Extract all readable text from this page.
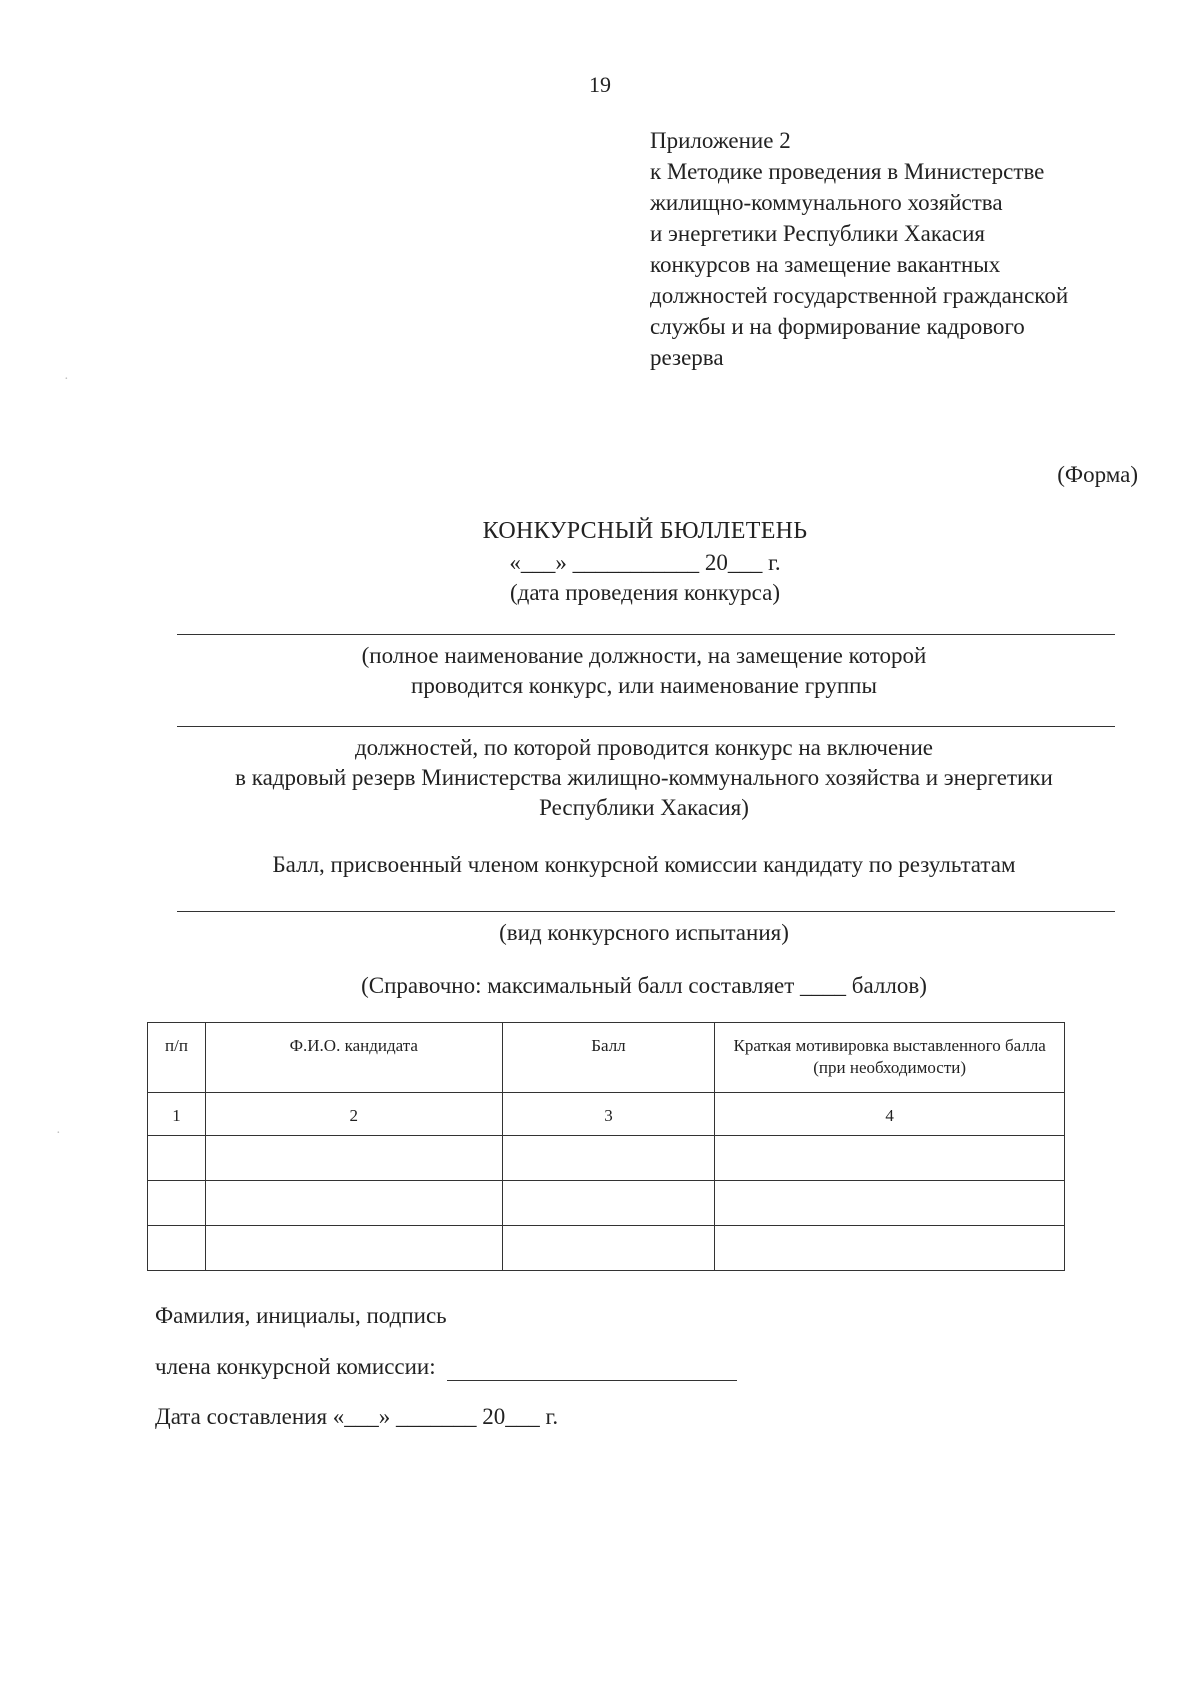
19
Приложение 2
к Методике проведения в Министерстве
жилищно-коммунального хозяйства
и энергетики Республики Хакасия
конкурсов на замещение вакантных
должностей государственной гражданской
службы и на формирование кадрового
резерва
·
·
(Форма)
КОНКУРСНЫЙ БЮЛЛЕТЕНЬ
«___» ___________ 20___ г.
(дата проведения конкурса)
(полное наименование должности, на замещение которой
проводится конкурс, или наименование группы
должностей, по которой проводится конкурс на включение
в кадровый резерв Министерства жилищно-коммунального хозяйства и энергетики
Республики Хакасия)
Балл, присвоенный членом конкурсной комиссии кандидату по результатам
(вид конкурсного испытания)
(Справочно: максимальный балл составляет ____ баллов)
п/п	Ф.И.О. кандидата	Балл	Краткая мотивировка выставленного балла (при необходимости)
1	2	3	4

Фамилия, инициалы, подпись
члена конкурсной комиссии:
Дата составления «___» _______ 20___ г.
